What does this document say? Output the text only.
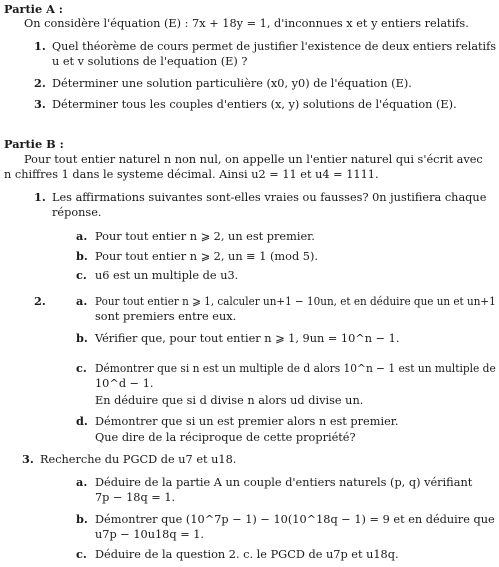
Partie A :
On considère l'équation (E) : 7x + 18y = 1, d'inconnues x et y entiers relatifs.
1. Quel théorème de cours permet de justifier l'existence de deux entiers relatifs
u et v solutions de l'equation (E) ?
2. Déterminer une solution particulière (x0, y0) de l'équation (E).
3. Déterminer tous les couples d'entiers (x, y) solutions de l'équation (E).
Partie B :
Pour tout entier naturel n non nul, on appelle un l'entier naturel qui s'écrit avec
n chiffres 1 dans le systeme décimal. Ainsi u2 = 11 et u4 = 1111.
1. Les affirmations suivantes sont-elles vraies ou fausses? 0n justifiera chaque
réponse.
a. Pour tout entier n ⩾ 2, un est premier.
b. Pour tout entier n ⩾ 2, un ≡ 1 (mod 5).
c. u6 est un multiple de u3.
2.	a. Pour tout entier n ⩾ 1, calculer un+1 − 10un, et en déduire que un et un+1
sont premiers entre eux.
b. Vérifier que, pour tout entier n ⩾ 1, 9un = 10^n − 1.
c. Démontrer que si n est un multiple de d alors 10^n − 1 est un multiple de
10^d − 1.
En déduire que si d divise n alors ud divise un.
d. Démontrer que si un est premier alors n est premier.
Que dire de la réciproque de cette propriété?
3. Recherche du PGCD de u7 et u18.
a. Déduire de la partie A un couple d'entiers naturels (p, q) vérifiant
7p − 18q = 1.
b. Démontrer que (10^7p − 1) − 10(10^18q − 1) = 9 et en déduire que
u7p − 10u18q = 1.
c. Déduire de la question 2. c. le PGCD de u7p et u18q.
